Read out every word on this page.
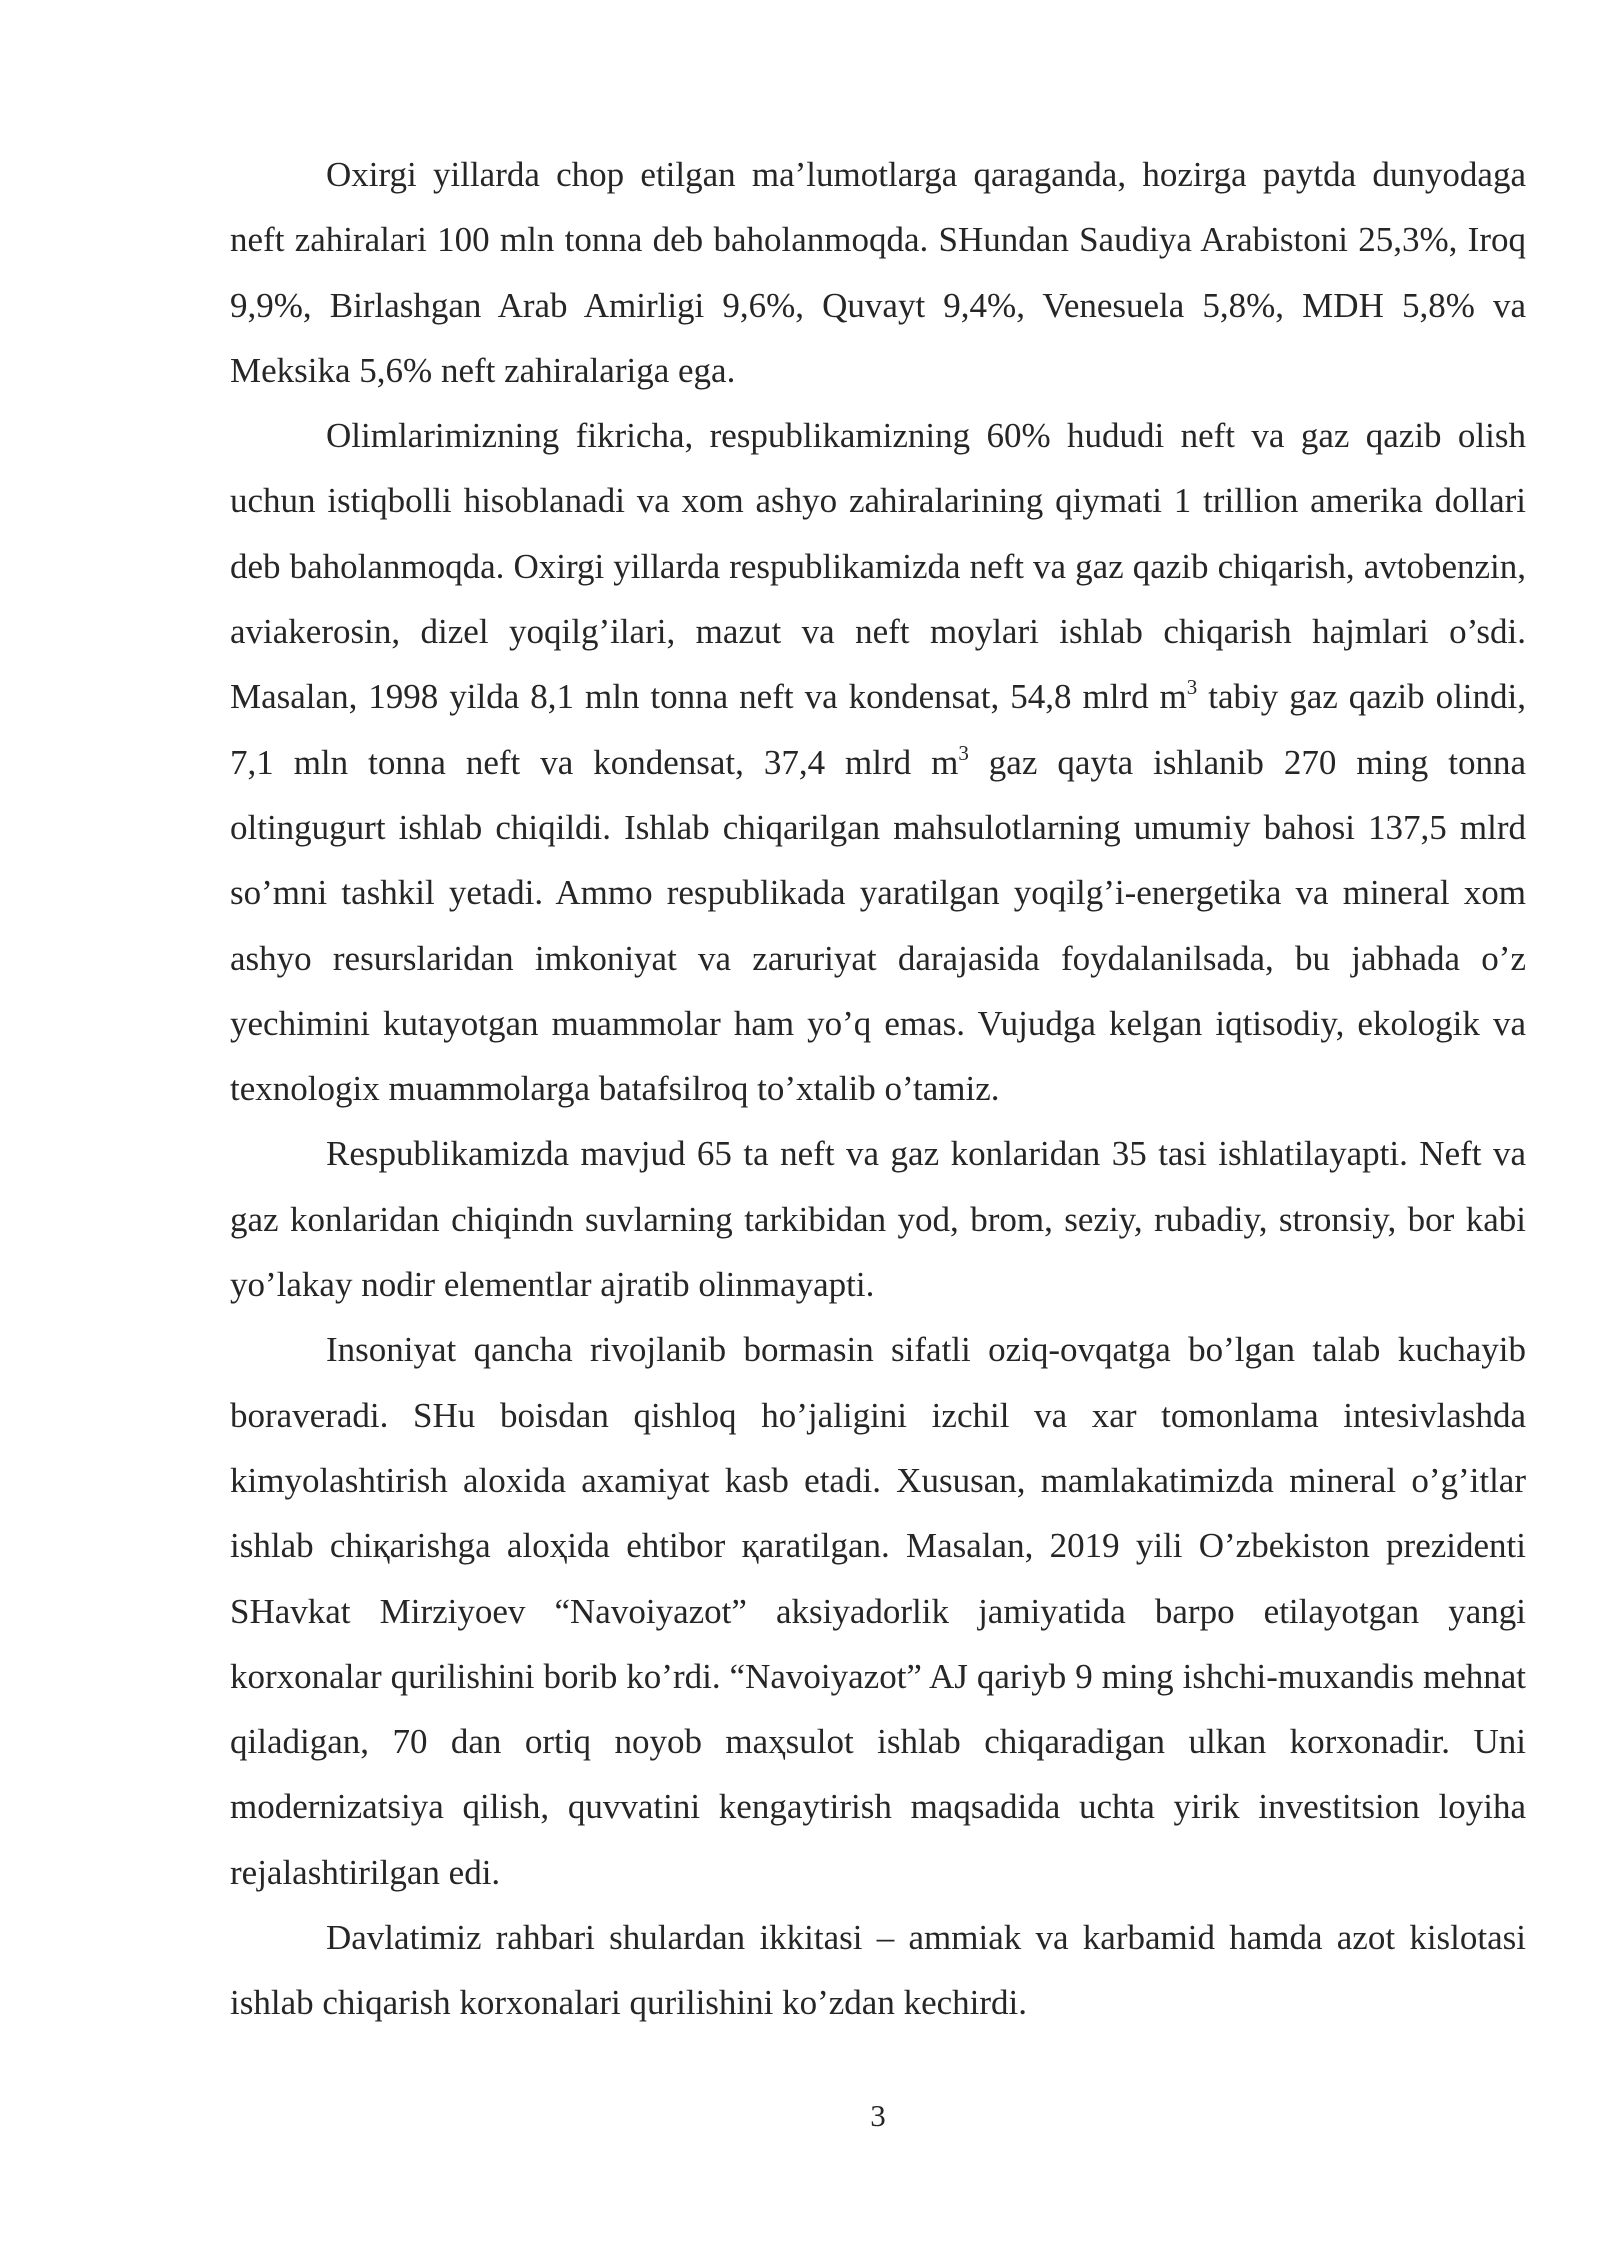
Oxirgi yillarda chop etilgan ma’lumotlarga qaraganda, hozirga paytda dunyodaga neft zahiralari 100 mln tonna deb baholanmoqda. SHundan Saudiya Arabistoni 25,3%, Iroq 9,9%, Birlashgan Arab Amirligi 9,6%, Quvayt 9,4%, Venesuela 5,8%, MDH 5,8% va Meksika 5,6% neft zahiralariga ega.

Olimlarimizning fikricha, respublikamizning 60% hududi neft va gaz qazib olish uchun istiqbolli hisoblanadi va xom ashyo zahiralarining qiymati 1 trillion amerika dollari deb baholanmoqda. Oxirgi yillarda respublikamizda neft va gaz qazib chiqarish, avtobenzin, aviakerosin, dizel yoqilg’ilari, mazut va neft moylari ishlab chiqarish hajmlari o’sdi. Masalan, 1998 yilda 8,1 mln tonna neft va kondensat, 54,8 mlrd $m^3$ tabiy gaz qazib olindi, 7,1 mln tonna neft va kondensat, 37,4 mlrd $m^3$ gaz qayta ishlanib 270 ming tonna oltingugurt ishlab chiqildi. Ishlab chiqarilgan mahsulotlarning umumiy bahosi 137,5 mlrd so’mni tashkil yetadi. Ammo respublikada yaratilgan yoqilg’i-energetika va mineral xom ashyo resurslaridan imkoniyat va zaruriyat darajasida foydalanilsada, bu jabhada o’z yechimini kutayotgan muammolar ham yo’q emas. Vujudga kelgan iqtisodiy, ekologik va texnologix muammolarga batafsilroq to’xtalib o’tamiz.

Respublikamizda mavjud 65 ta neft va gaz konlaridan 35 tasi ishlatilayapti. Neft va gaz konlaridan chiqindn suvlarning tarkibidan yod, brom, seziy, rubadiy, stronsiy, bor kabi yo’lakay nodir elementlar ajratib olinmayapti.

Insoniyat qancha rivojlanib bormasin sifatli oziq-ovqatga bo’lgan talab kuchayib boraveradi. SHu boisdan qishloq ho’jaligini izchil va xar tomonlama intesivlashda kimyolashtirish aloxida axamiyat kasb etadi. Xususan, mamlakatimizda mineral o’g’itlar ishlab chiқarishga aloҳida ehtibor қaratilgan. Masalan, 2019 yili O’zbekiston prezidenti SHavkat Mirziyoev “Navoiyazot” aksiyadorlik jamiyatida barpo etilayotgan yangi korxonalar qurilishini borib ko’rdi. “Navoiyazot” AJ qariyb 9 ming ishchi-muxandis mehnat qiladigan, 70 dan ortiq noyob maҳsulot ishlab chiqaradigan ulkan korxonadir. Uni modernizatsiya qilish, quvvatini kengaytirish maqsadida uchta yirik investitsion loyiha rejalashtirilgan edi.

Davlatimiz rahbari shulardan ikkitasi – ammiak va karbamid hamda azot kislotasi ishlab chiqarish korxonalari qurilishini ko’zdan kechirdi.

3
